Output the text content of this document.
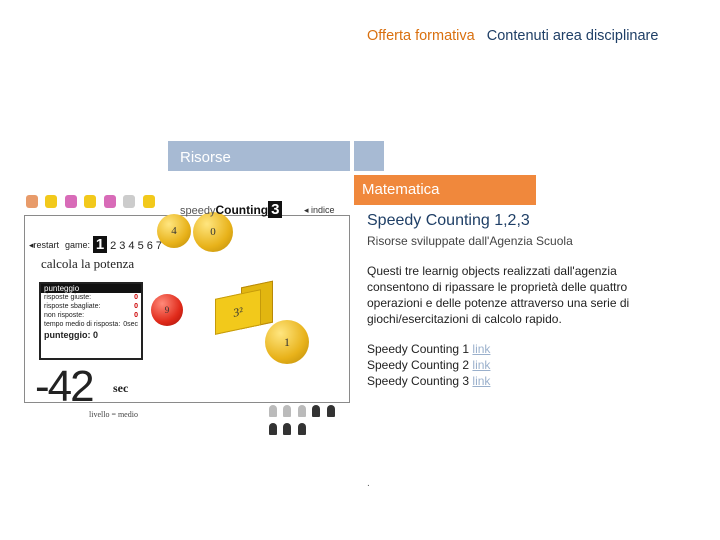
Offerta formativa Contenuti area disciplinare
Risorse
Matematica
Speedy Counting 1,2,3
Risorse sviluppate dall'Agenzia Scuola
Questi tre learnig objects realizzati dall'agenzia consentono di ripassare le proprietà delle quattro operazioni e delle potenze attraverso una serie di giochi/esercitazioni di calcolo rapido.
Speedy Counting 1 link
Speedy Counting 2 link
Speedy Counting 3 link
.

◂restart game: 1 2 3 4 5 6 7
calcola la potenza
punteggio
risposte giuste:	0
risposte sbagliate:	0
non risposte:	0
tempo medio di risposta: 0sec
punteggio: 0
-42 sec
livello = medio
4	0
9
1
3²

speedyCounting 3	◂ indice
